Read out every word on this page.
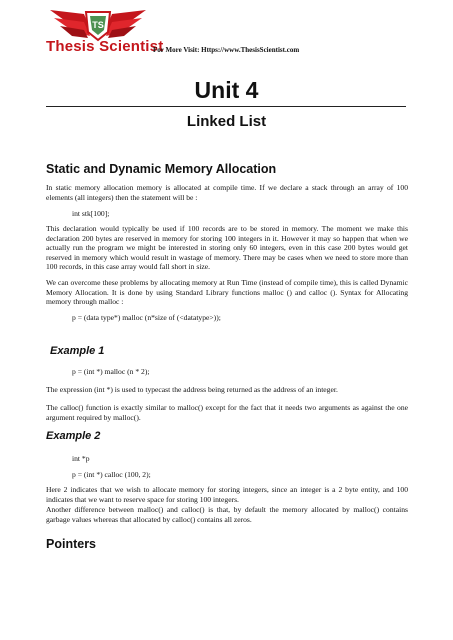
TS
Thesis Scientist
For More Visit: Https://www.ThesisScientist.com
Unit 4
Linked List
Static and Dynamic Memory Allocation

In static memory allocation memory is allocated at compile time. If we declare a stack through an array of 100 elements (all integers) then the statement will be :

int stk[100];

This declaration would typically be used if 100 records are to be stored in memory. The moment we make this declaration 200 bytes are reserved in memory for storing 100 integers in it. However it may so happen that when we actually run the program we might be interested in storing only 60 integers, even in this case 200 bytes would get reserved in memory which would result in wastage of memory. There may be cases when we need to store more than 100 records, in this case array would fall short in size.

We can overcome these problems by allocating memory at Run Time (instead of compile time), this is called Dynamic Memory Allocation. It is done by using Standard Library functions malloc () and calloc (). Syntax for Allocating memory through malloc :

p = (data type*) malloc (n*size of (<datatype>));

Example 1

p = (int *) malloc (n * 2);

The expression (int *) is used to typecast the address being returned as the address of an integer.

The calloc() function is exactly similar to malloc() except for the fact that it needs two arguments as against the one argument required by malloc().

Example 2

int *p

p = (int *) calloc (100, 2);

Here 2 indicates that we wish to allocate memory for storing integers, since an integer is a 2 byte entity, and 100 indicates that we want to reserve space for storing 100 integers.

Another difference between malloc() and calloc() is that, by default the memory allocated by malloc() contains garbage values whereas that allocated by calloc() contains all zeros.

Pointers
